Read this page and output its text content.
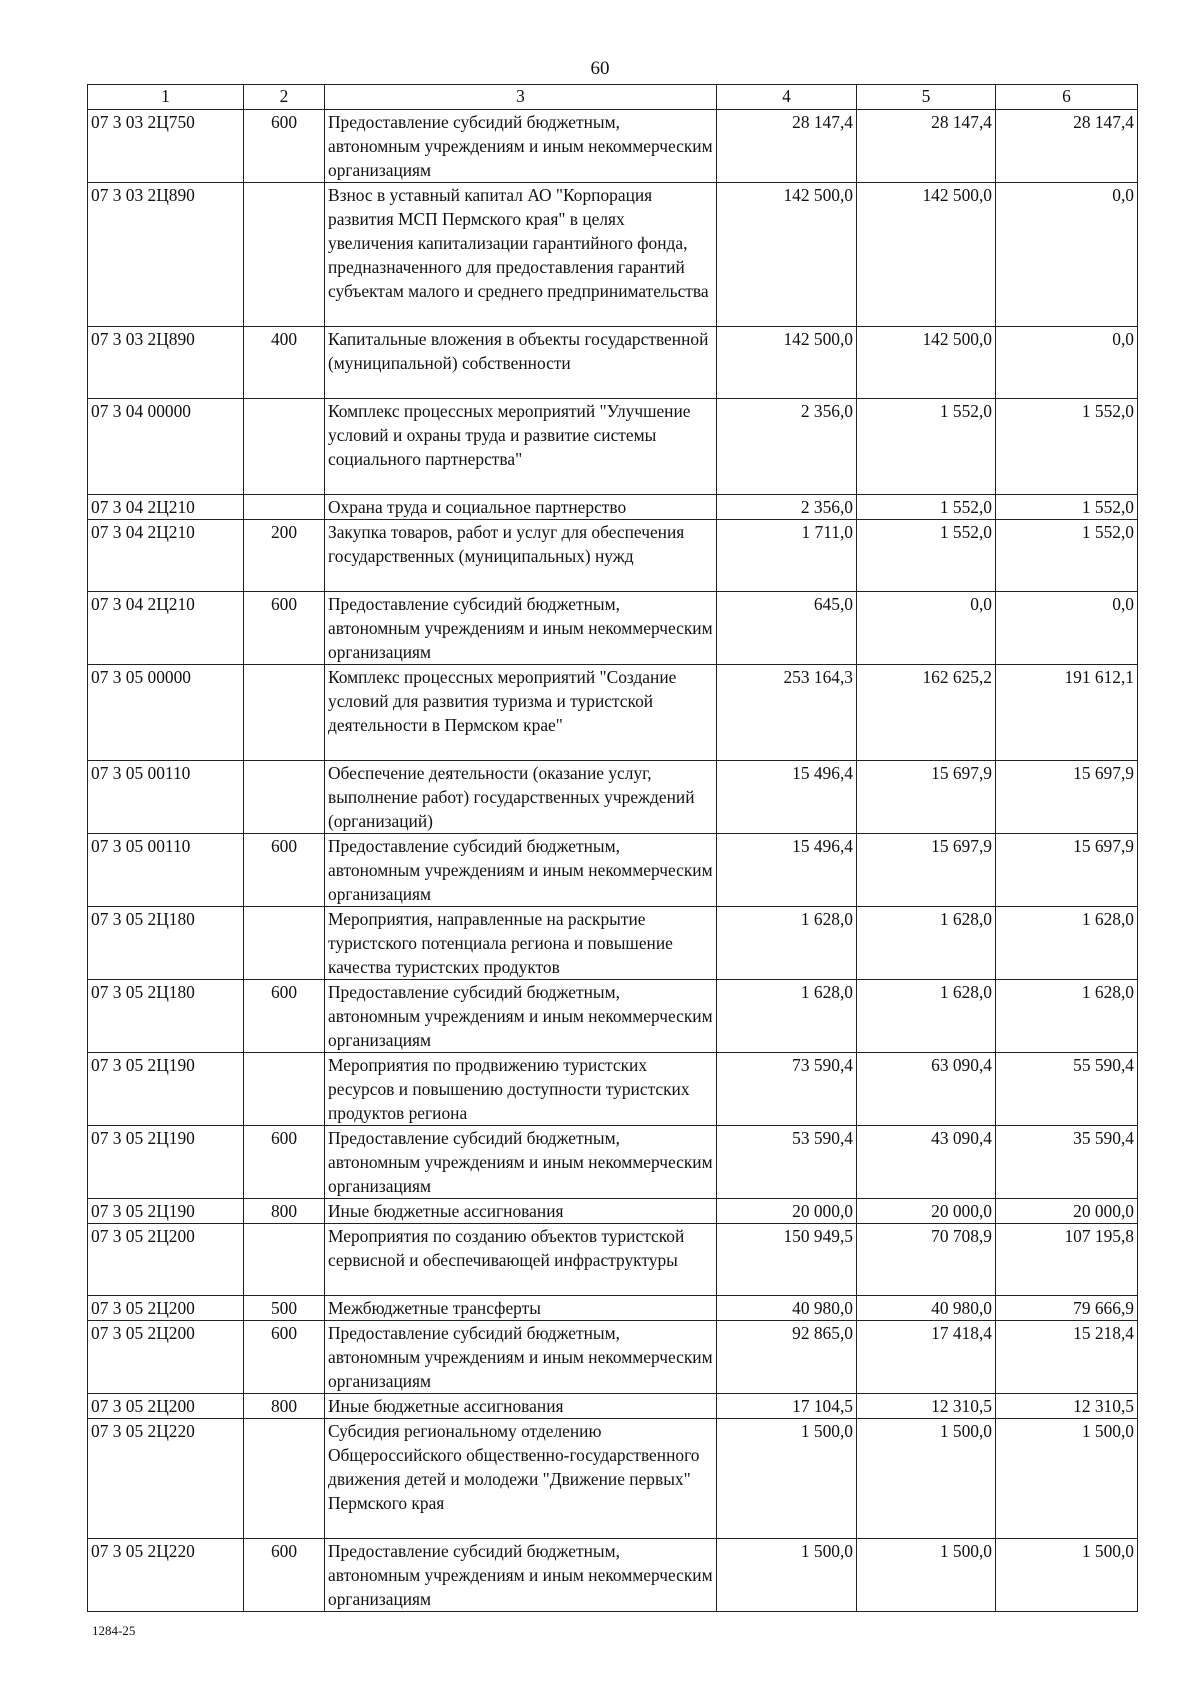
60
1	2	3	4	5	6
07 3 03 2Ц750	600	Предоставление субсидий бюджетным, автономным учреждениям и иным некоммерческим организациям	28 147,4	28 147,4	28 147,4
07 3 03 2Ц890		Взнос в уставный капитал АО "Корпорация развития МСП Пермского края" в целях увеличения капитализации гарантийного фонда, предназначенного для предоставления гарантий субъектам малого и среднего предпринимательства	142 500,0	142 500,0	0,0
07 3 03 2Ц890	400	Капитальные вложения в объекты государственной (муниципальной) собственности	142 500,0	142 500,0	0,0
07 3 04 00000		Комплекс процессных мероприятий "Улучшение условий и охраны труда и развитие системы социального партнерства"	2 356,0	1 552,0	1 552,0
07 3 04 2Ц210		Охрана труда и социальное партнерство	2 356,0	1 552,0	1 552,0
07 3 04 2Ц210	200	Закупка товаров, работ и услуг для обеспечения государственных (муниципальных) нужд	1 711,0	1 552,0	1 552,0
07 3 04 2Ц210	600	Предоставление субсидий бюджетным, автономным учреждениям и иным некоммерческим организациям	645,0	0,0	0,0
07 3 05 00000		Комплекс процессных мероприятий "Создание условий для развития туризма и туристской деятельности в Пермском крае"	253 164,3	162 625,2	191 612,1
07 3 05 00110		Обеспечение деятельности (оказание услуг, выполнение работ) государственных учреждений (организаций)	15 496,4	15 697,9	15 697,9
07 3 05 00110	600	Предоставление субсидий бюджетным, автономным учреждениям и иным некоммерческим организациям	15 496,4	15 697,9	15 697,9
07 3 05 2Ц180		Мероприятия, направленные на раскрытие туристского потенциала региона и повышение качества туристских продуктов	1 628,0	1 628,0	1 628,0
07 3 05 2Ц180	600	Предоставление субсидий бюджетным, автономным учреждениям и иным некоммерческим организациям	1 628,0	1 628,0	1 628,0
07 3 05 2Ц190		Мероприятия по продвижению туристских ресурсов и повышению доступности туристских продуктов региона	73 590,4	63 090,4	55 590,4
07 3 05 2Ц190	600	Предоставление субсидий бюджетным, автономным учреждениям и иным некоммерческим организациям	53 590,4	43 090,4	35 590,4
07 3 05 2Ц190	800	Иные бюджетные ассигнования	20 000,0	20 000,0	20 000,0
07 3 05 2Ц200		Мероприятия по созданию объектов туристской сервисной и обеспечивающей инфраструктуры	150 949,5	70 708,9	107 195,8
07 3 05 2Ц200	500	Межбюджетные трансферты	40 980,0	40 980,0	79 666,9
07 3 05 2Ц200	600	Предоставление субсидий бюджетным, автономным учреждениям и иным некоммерческим организациям	92 865,0	17 418,4	15 218,4
07 3 05 2Ц200	800	Иные бюджетные ассигнования	17 104,5	12 310,5	12 310,5
07 3 05 2Ц220		Субсидия региональному отделению Общероссийского общественно-государственного движения детей и молодежи "Движение первых" Пермского края	1 500,0	1 500,0	1 500,0
07 3 05 2Ц220	600	Предоставление субсидий бюджетным, автономным учреждениям и иным некоммерческим организациям	1 500,0	1 500,0	1 500,0
1284-25
